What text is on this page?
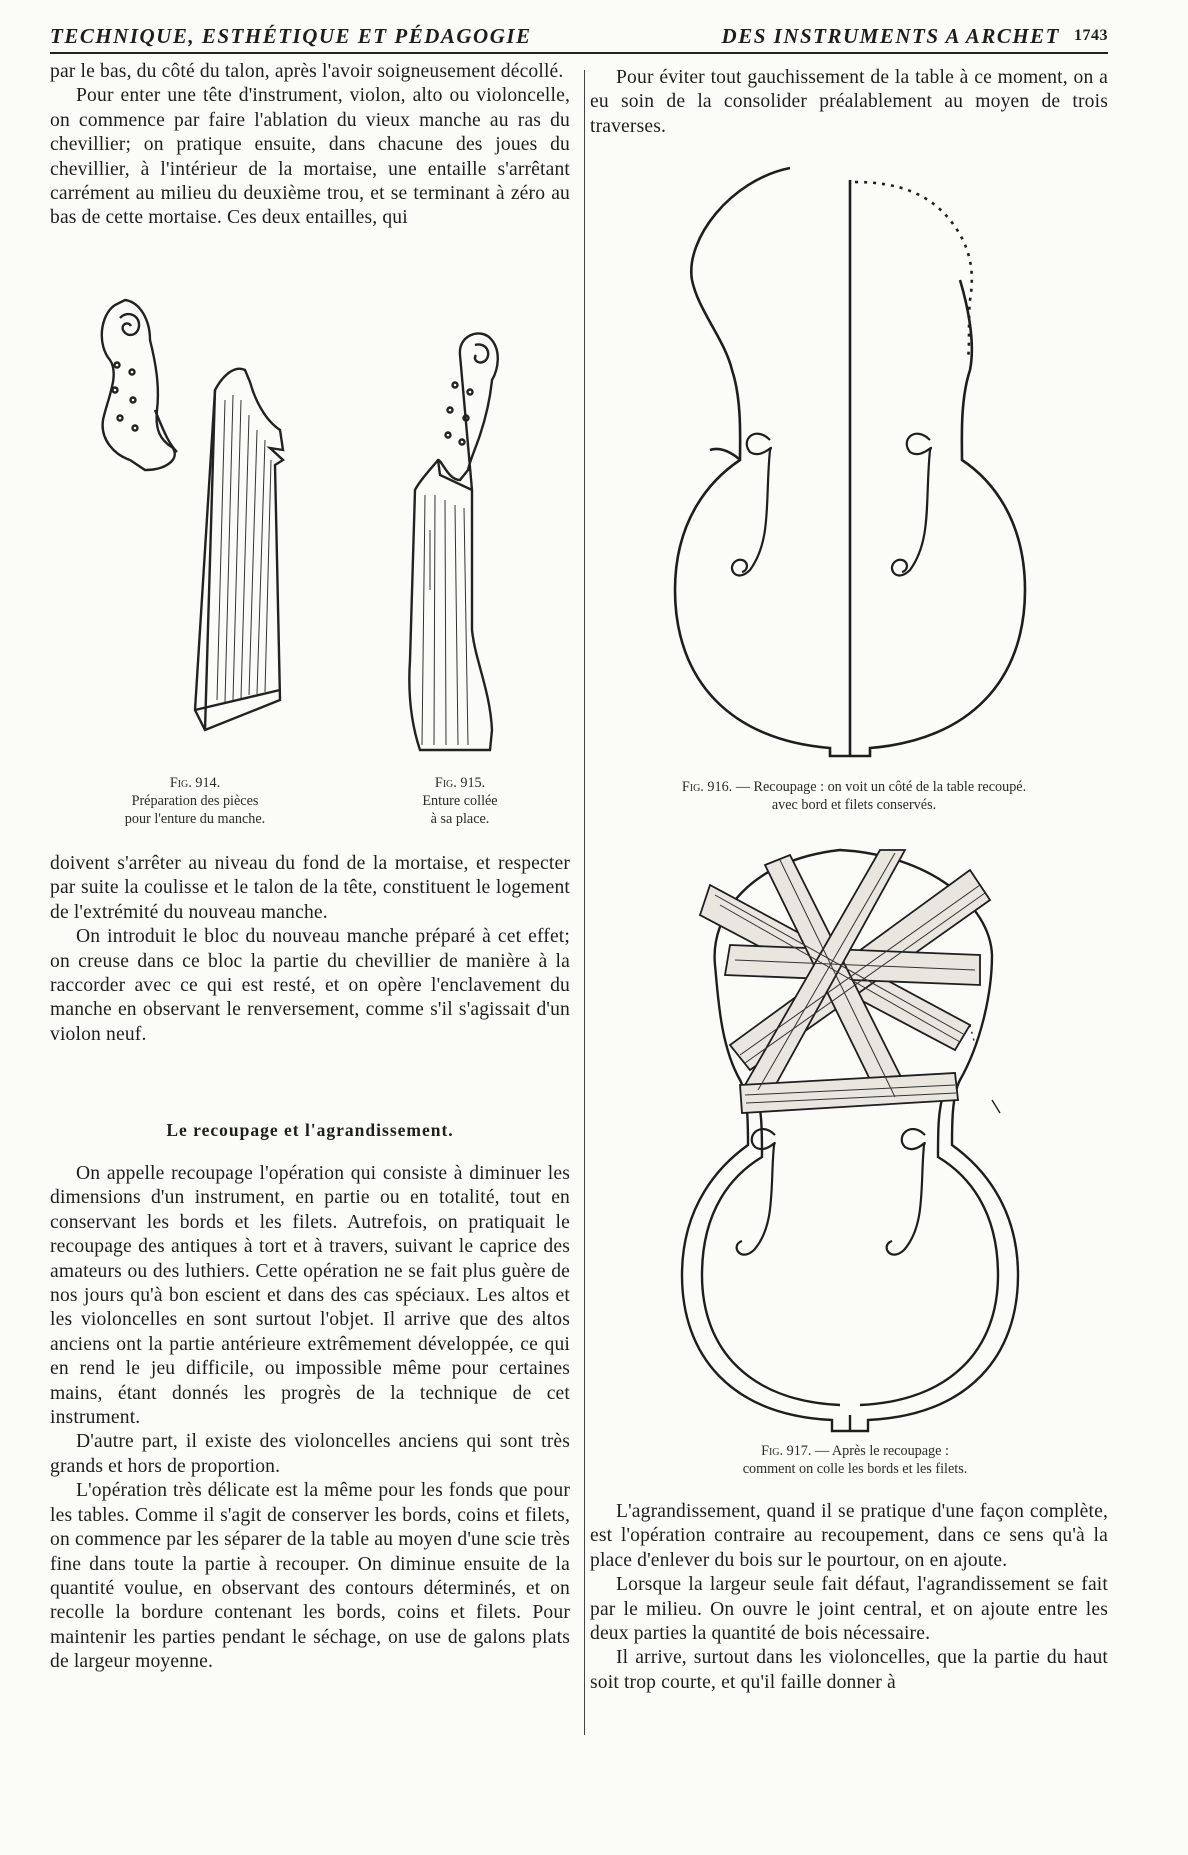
TECHNIQUE, ESTHÉTIQUE ET PÉDAGOGIE	DES INSTRUMENTS A ARCHET 1743

par le bas, du côté du talon, après l'avoir soigneusement décollé.

Pour enter une tête d'instrument, violon, alto ou violoncelle, on commence par faire l'ablation du vieux manche au ras du chevillier; on pratique ensuite, dans chacune des joues du chevillier, à l'intérieur de la mortaise, une entaille s'arrêtant carrément au milieu du deuxième trou, et se terminant à zéro au bas de cette mortaise. Ces deux entailles, qui

Fig. 914.
Préparation des pièces
pour l'enture du manche.
Fig. 915.
Enture collée
à sa place.

doivent s'arrêter au niveau du fond de la mortaise, et respecter par suite la coulisse et le talon de la tête, constituent le logement de l'extrémité du nouveau manche.

On introduit le bloc du nouveau manche préparé à cet effet; on creuse dans ce bloc la partie du chevillier de manière à la raccorder avec ce qui est resté, et on opère l'enclavement du manche en observant le renversement, comme s'il s'agissait d'un violon neuf.

Le recoupage et l'agrandissement.

On appelle recoupage l'opération qui consiste à diminuer les dimensions d'un instrument, en partie ou en totalité, tout en conservant les bords et les filets. Autrefois, on pratiquait le recoupage des antiques à tort et à travers, suivant le caprice des amateurs ou des luthiers. Cette opération ne se fait plus guère de nos jours qu'à bon escient et dans des cas spéciaux. Les altos et les violoncelles en sont surtout l'objet. Il arrive que des altos anciens ont la partie antérieure extrêmement développée, ce qui en rend le jeu difficile, ou impossible même pour certaines mains, étant donnés les progrès de la technique de cet instrument.

D'autre part, il existe des violoncelles anciens qui sont très grands et hors de proportion.

L'opération très délicate est la même pour les fonds que pour les tables. Comme il s'agit de conserver les bords, coins et filets, on commence par les séparer de la table au moyen d'une scie très fine dans toute la partie à recouper. On diminue ensuite de la quantité voulue, en observant des contours déterminés, et on recolle la bordure contenant les bords, coins et filets. Pour maintenir les parties pendant le séchage, on use de galons plats de largeur moyenne.

Pour éviter tout gauchissement de la table à ce moment, on a eu soin de la consolider préalablement au moyen de trois traverses.

Fig. 916. — Recoupage : on voit un côté de la table recoupé.
avec bord et filets conservés.
Fig. 917. — Après le recoupage :
comment on colle les bords et les filets.

L'agrandissement, quand il se pratique d'une façon complète, est l'opération contraire au recoupement, dans ce sens qu'à la place d'enlever du bois sur le pourtour, on en ajoute.

Lorsque la largeur seule fait défaut, l'agrandissement se fait par le milieu. On ouvre le joint central, et on ajoute entre les deux parties la quantité de bois nécessaire.

Il arrive, surtout dans les violoncelles, que la partie du haut soit trop courte, et qu'il faille donner à
